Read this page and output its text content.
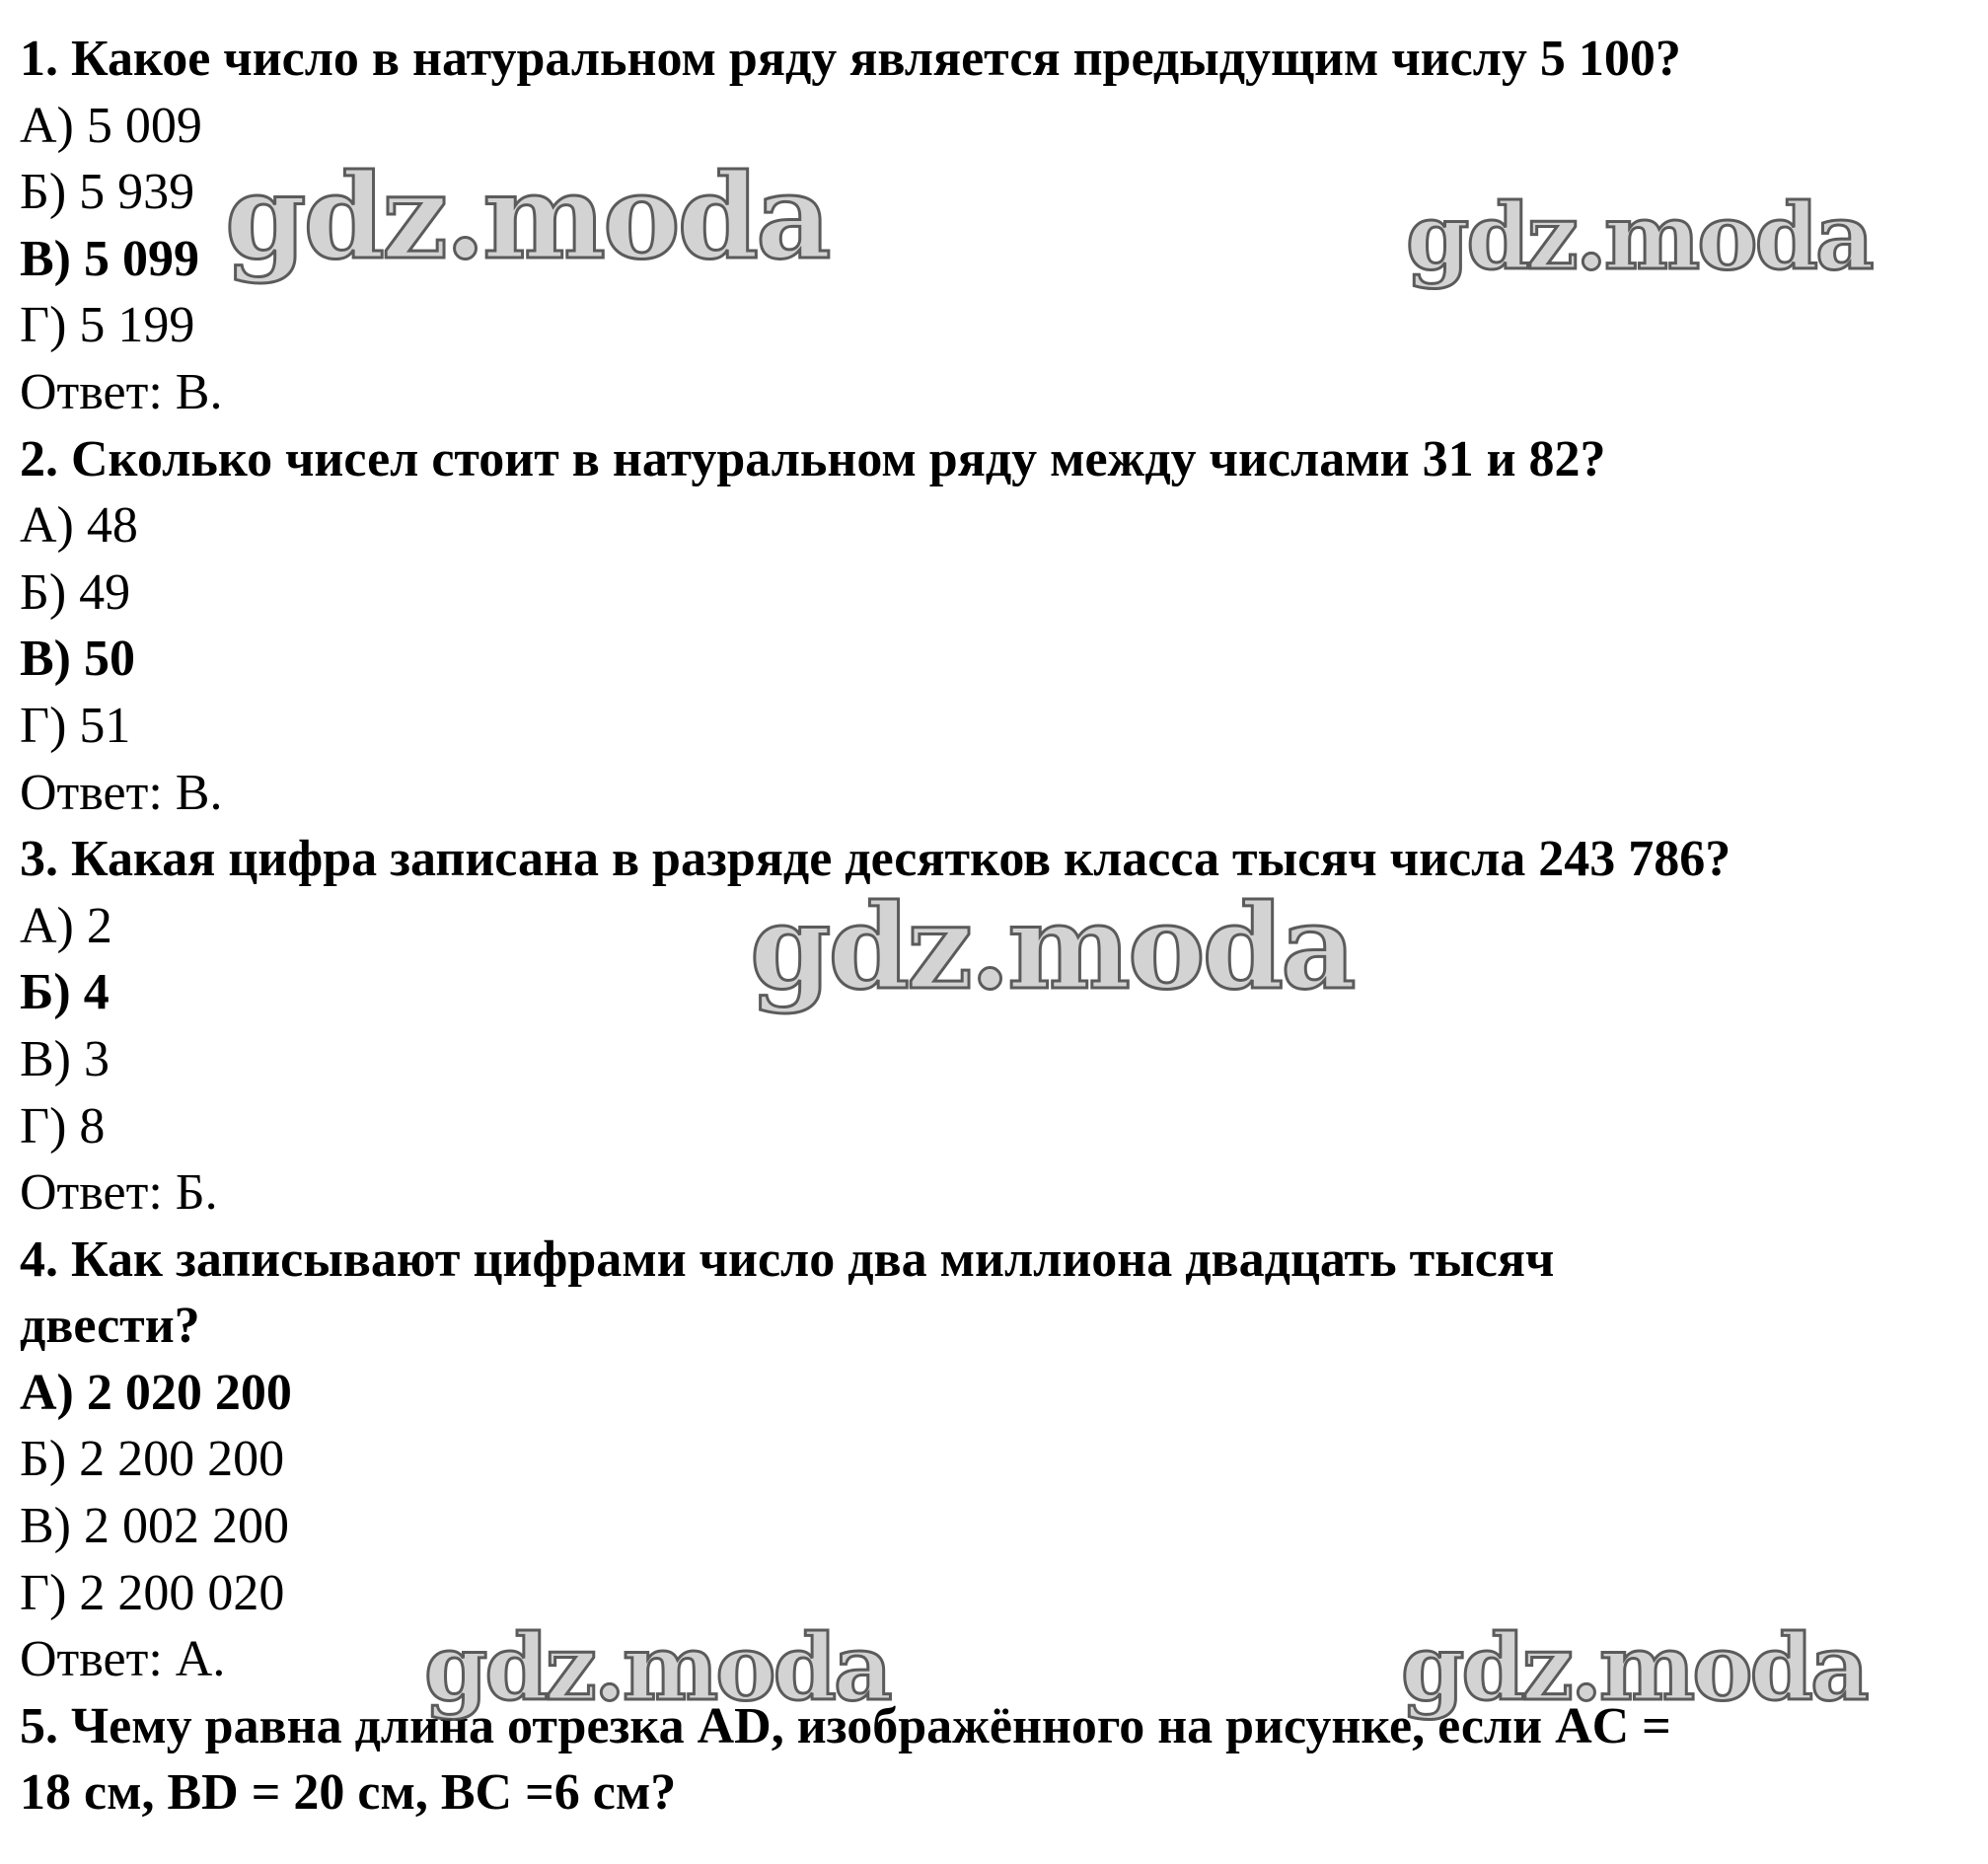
1. Какое число в натуральном ряду является предыдущим числу 5 100?
А) 5 009
Б) 5 939
В) 5 099
Г) 5 199
Ответ: В.
2. Сколько чисел стоит в натуральном ряду между числами 31 и 82?
А) 48
Б) 49
В) 50
Г) 51
Ответ: В.
3. Какая цифра записана в разряде десятков класса тысяч числа 243 786?
А) 2
Б) 4
В) 3
Г) 8
Ответ: Б.
4. Как записывают цифрами число два миллиона двадцать тысяч
двести?
А) 2 020 200
Б) 2 200 200
В) 2 002 200
Г) 2 200 020
Ответ: А.
5. Чему равна длина отрезка AD, изображённого на рисунке, если AC =
18 см, BD = 20 см, BC =6 см?
gdz.moda	gdz.moda
gdz.moda
gdz.moda	gdz.moda
